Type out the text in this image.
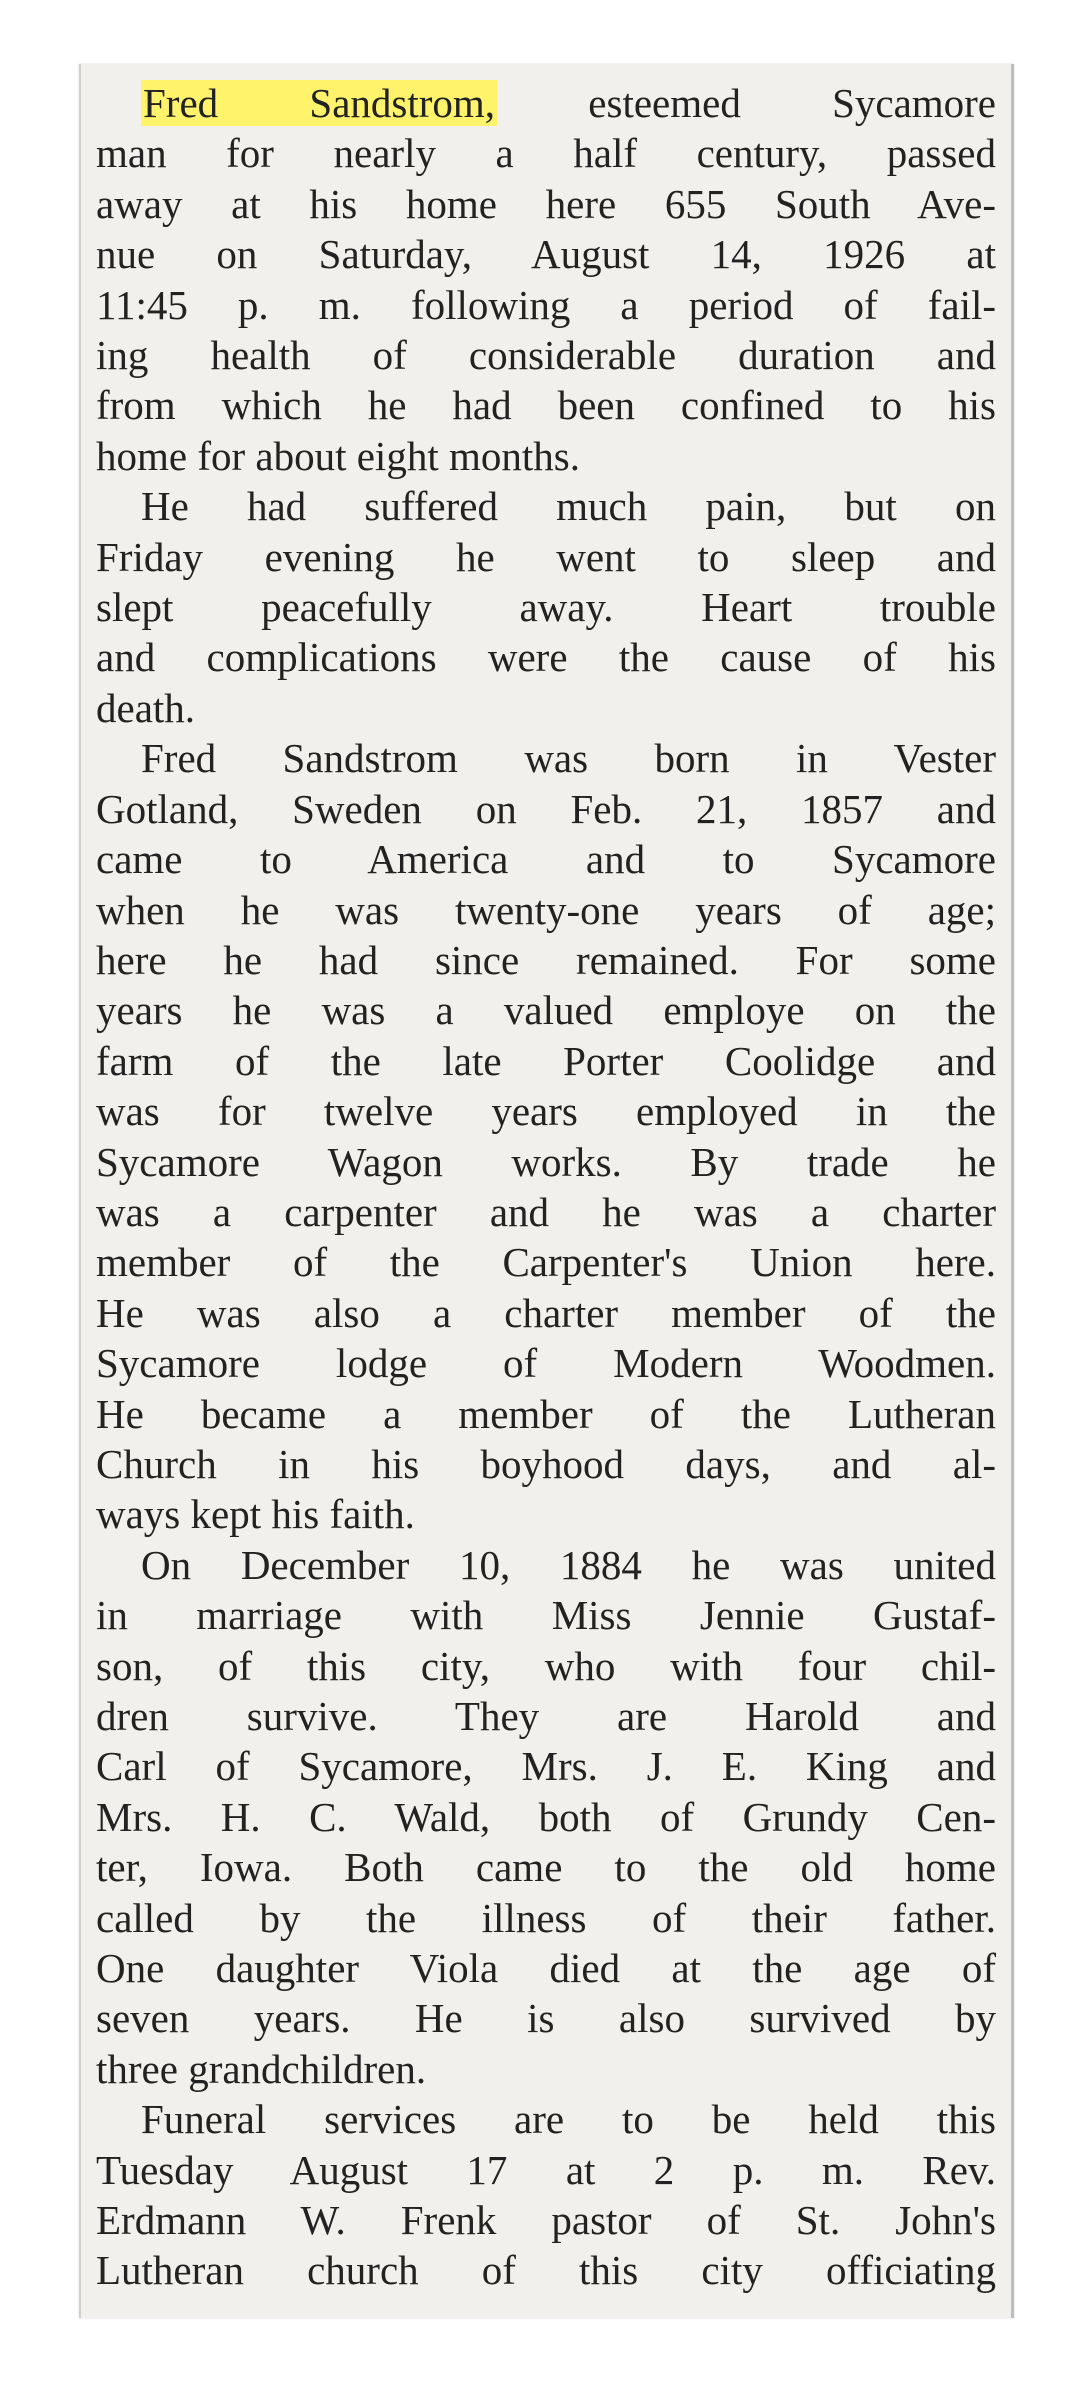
Fred Sandstrom, esteemed Sycamore
man for nearly a half century, passed
away at his home here 655 South Ave-
nue on Saturday, August 14, 1926 at
11:45 p. m. following a period of fail-
ing health of considerable duration and
from which he had been confined to his
home for about eight months.
He had suffered much pain, but on
Friday evening he went to sleep and
slept peacefully away. Heart trouble
and complications were the cause of his
death.
Fred Sandstrom was born in Vester
Gotland, Sweden on Feb. 21, 1857 and
came to America and to Sycamore
when he was twenty-one years of age;
here he had since remained. For some
years he was a valued employe on the
farm of the late Porter Coolidge and
was for twelve years employed in the
Sycamore Wagon works. By trade he
was a carpenter and he was a charter
member of the Carpenter's Union here.
He was also a charter member of the
Sycamore lodge of Modern Woodmen.
He became a member of the Lutheran
Church in his boyhood days, and al-
ways kept his faith.
On December 10, 1884 he was united
in marriage with Miss Jennie Gustaf-
son, of this city, who with four chil-
dren survive. They are Harold and
Carl of Sycamore, Mrs. J. E. King and
Mrs. H. C. Wald, both of Grundy Cen-
ter, Iowa. Both came to the old home
called by the illness of their father.
One daughter Viola died at the age of
seven years. He is also survived by
three grandchildren.
Funeral services are to be held this
Tuesday August 17 at 2 p. m. Rev.
Erdmann W. Frenk pastor of St. John's
Lutheran church of this city officiating
